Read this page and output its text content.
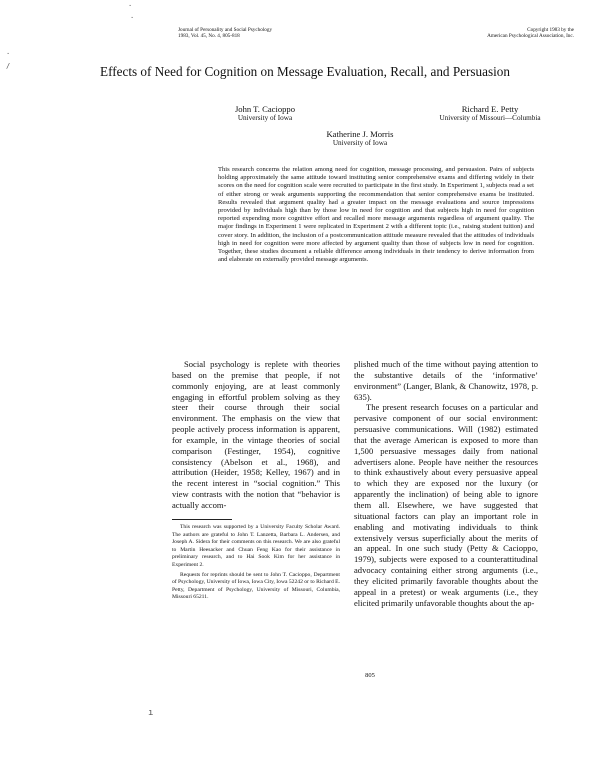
·
·
·
/
ı
Journal of Personality and Social Psychology
1983, Vol. 45, No. 4, 805-818
Copyright 1983 by the
American Psychological Association, Inc.
Effects of Need for Cognition on Message Evaluation, Recall, and Persuasion
John T. Cacioppo
University of Iowa
Richard E. Petty
University of Missouri—Columbia
Katherine J. Morris
University of Iowa
This research concerns the relation among need for cognition, message processing, and persuasion. Pairs of subjects holding approximately the same attitude toward instituting senior comprehensive exams and differing widely in their scores on the need for cognition scale were recruited to participate in the first study. In Experiment 1, subjects read a set of either strong or weak arguments supporting the recommendation that senior comprehensive exams be instituted. Results revealed that argument quality had a greater impact on the message evaluations and source impressions provided by individuals high than by those low in need for cognition and that subjects high in need for cognition reported expending more cognitive effort and recalled more message arguments regardless of argument quality. The major findings in Experiment 1 were replicated in Experiment 2 with a different topic (i.e., raising student tuition) and cover story. In addition, the inclusion of a postcommunication attitude measure revealed that the attitudes of individuals high in need for cognition were more affected by argument quality than those of subjects low in need for cognition. Together, these studies document a reliable difference among individuals in their tendency to derive information from and elaborate on externally provided message arguments.

Social psychology is replete with theories based on the premise that people, if not commonly enjoying, are at least commonly engaging in effortful problem solving as they steer their course through their social environment. The emphasis on the view that people actively process information is apparent, for example, in the vintage theories of social comparison (Festinger, 1954), cognitive consistency (Abelson et al., 1968), and attribution (Heider, 1958; Kelley, 1967) and in the recent interest in “social cognition.” This view contrasts with the notion that “behavior is actually accom-

plished much of the time without paying attention to the substantive details of the ‘informative’ environment” (Langer, Blank, & Chanowitz, 1978, p. 635).

The present research focuses on a particular and pervasive component of our social environment: persuasive communications. Will (1982) estimated that the average American is exposed to more than 1,500 persuasive messages daily from national advertisers alone. People have neither the resources to think exhaustively about every persuasive appeal to which they are exposed nor the luxury (or apparently the inclination) of being able to ignore them all. Elsewhere, we have suggested that situational factors can play an important role in enabling and motivating individuals to think extensively versus superficially about the merits of an appeal. In one such study (Petty & Cacioppo, 1979), subjects were exposed to a counterattitudinal advocacy containing either strong arguments (i.e., they elicited primarily favorable thoughts about the appeal in a pretest) or weak arguments (i.e., they elicited primarily unfavorable thoughts about the ap-

This research was supported by a University Faculty Scholar Award. The authors are grateful to John T. Lanzetta, Barbara L. Andersen, and Joseph A. Sidera for their comments on this research. We are also grateful to Martin Heesacker and Chuan Feng Kao for their assistance in preliminary research, and to Hai Sook Kim for her assistance in Experiment 2.

Requests for reprints should be sent to John T. Cacioppo, Department of Psychology, University of Iowa, Iowa City, Iowa 52242 or to Richard E. Petty, Department of Psychology, University of Missouri, Columbia, Missouri 65211.

805
